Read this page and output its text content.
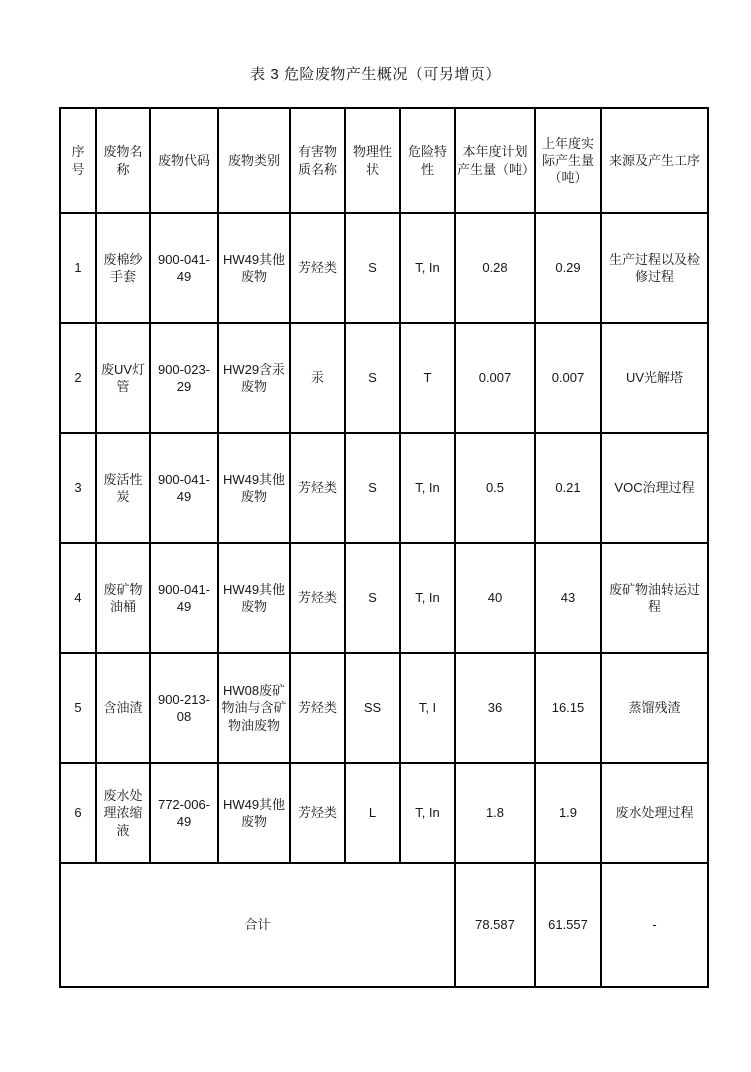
表 3 危险废物产生概况（可另增页）
序号	废物名称	废物代码	废物类别	有害物质名称	物理性状	危险特性	本年度计划产生量（吨）	上年度实际产生量（吨）	来源及产生工序
1	废棉纱手套	900-041-49	HW49其他废物	芳烃类	S	T, In	0.28	0.29	生产过程以及检修过程
2	废UV灯管	900-023-29	HW29含汞废物	汞	S	T	0.007	0.007	UV光解塔
3	废活性炭	900-041-49	HW49其他废物	芳烃类	S	T, In	0.5	0.21	VOC治理过程
4	废矿物油桶	900-041-49	HW49其他废物	芳烃类	S	T, In	40	43	废矿物油转运过程
5	含油渣	900-213-08	HW08废矿物油与含矿物油废物	芳烃类	SS	T, I	36	16.15	蒸馏残渣
6	废水处理浓缩液	772-006-49	HW49其他废物	芳烃类	L	T, In	1.8	1.9	废水处理过程
合计							78.587	61.557	-
